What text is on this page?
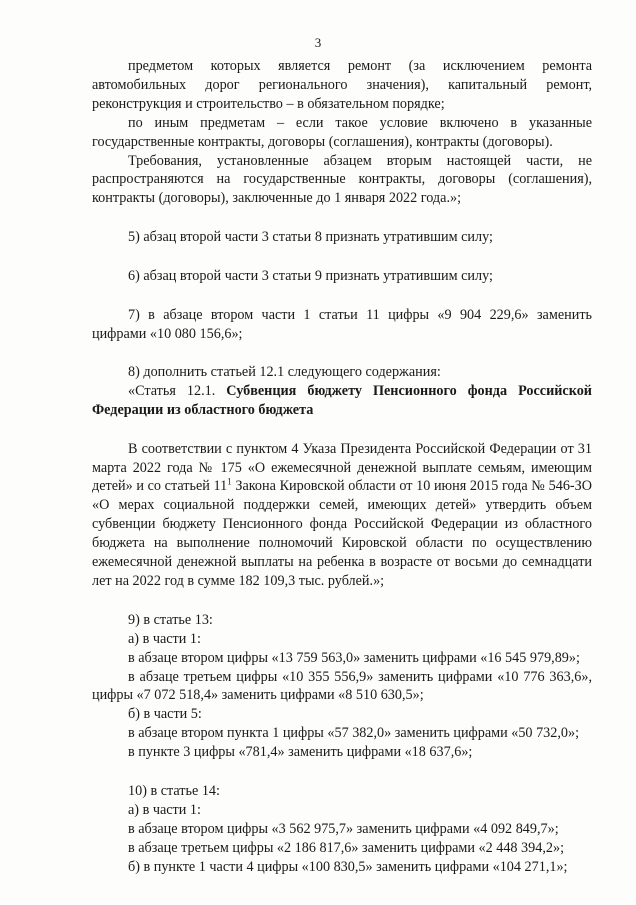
3

предметом которых является ремонт (за исключением ремонта автомобильных дорог регионального значения), капитальный ремонт, реконструкция и строительство – в обязательном порядке;

по иным предметам – если такое условие включено в указанные государственные контракты, договоры (соглашения), контракты (договоры).

Требования, установленные абзацем вторым настоящей части, не распространяются на государственные контракты, договоры (соглашения), контракты (договоры), заключенные до 1 января 2022 года.»;

5) абзац второй части 3 статьи 8 признать утратившим силу;

6) абзац второй части 3 статьи 9 признать утратившим силу;

7) в абзаце втором части 1 статьи 11 цифры «9 904 229,6» заменить цифрами «10 080 156,6»;

8) дополнить статьей 12.1 следующего содержания:

«Статья 12.1. Субвенция бюджету Пенсионного фонда Российской Федерации из областного бюджета

В соответствии с пунктом 4 Указа Президента Российской Федерации от 31 марта 2022 года № 175 «О ежемесячной денежной выплате семьям, имеющим детей» и со статьей $11^1$ Закона Кировской области от 10 июня 2015 года № 546-ЗО «О мерах социальной поддержки семей, имеющих детей» утвердить объем субвенции бюджету Пенсионного фонда Российской Федерации из областного бюджета на выполнение полномочий Кировской области по осуществлению ежемесячной денежной выплаты на ребенка в возрасте от восьми до семнадцати лет на 2022 год в сумме 182 109,3 тыс. рублей.»;

9) в статье 13:

а) в части 1:

в абзаце втором цифры «13 759 563,0» заменить цифрами «16 545 979,89»;

в абзаце третьем цифры «10 355 556,9» заменить цифрами «10 776 363,6», цифры «7 072 518,4» заменить цифрами «8 510 630,5»;

б) в части 5:

в абзаце втором пункта 1 цифры «57 382,0» заменить цифрами «50 732,0»;

в пункте 3 цифры «781,4» заменить цифрами «18 637,6»;

10) в статье 14:

а) в части 1:

в абзаце втором цифры «3 562 975,7» заменить цифрами «4 092 849,7»;

в абзаце третьем цифры «2 186 817,6» заменить цифрами «2 448 394,2»;

б) в пункте 1 части 4 цифры «100 830,5» заменить цифрами «104 271,1»;
